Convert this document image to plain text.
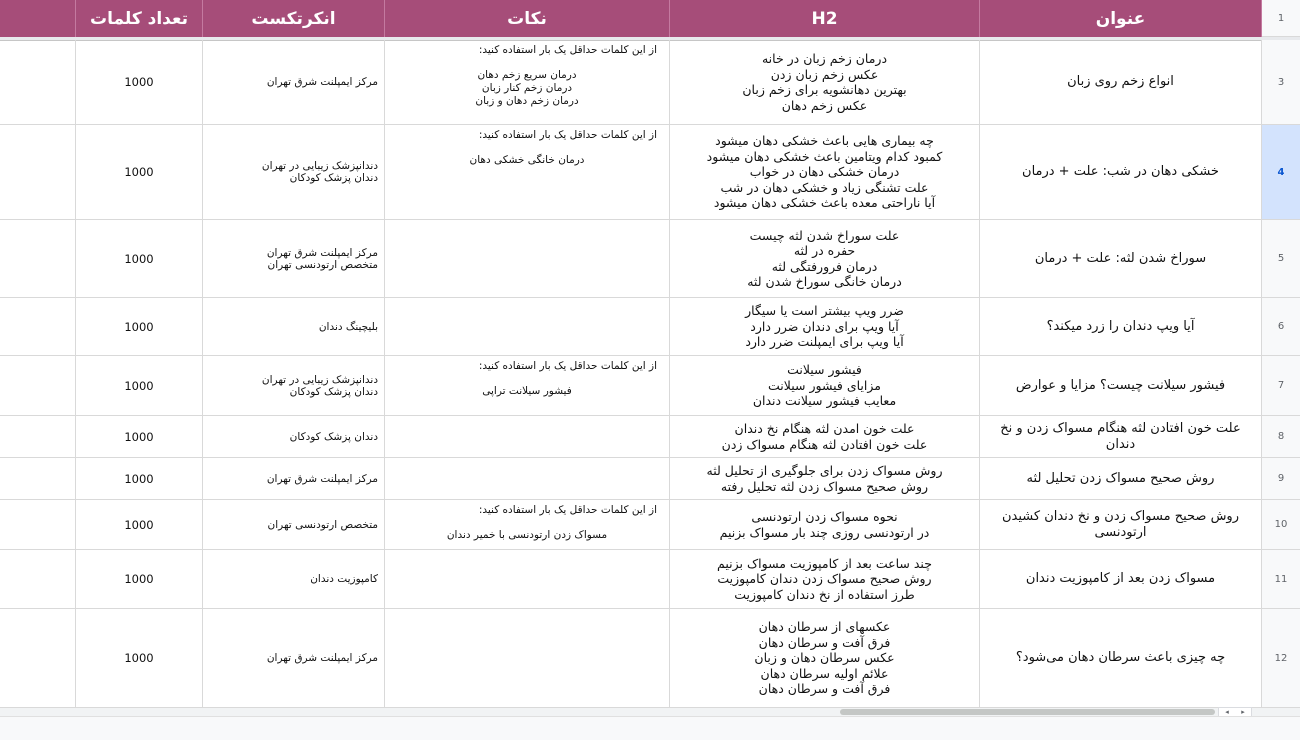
عنوان
H2
نکات
انکرتکست
تعداد کلمات	1
3
انواع زخم روی زبان
درمان زخم زبان در خانه
عکس زخم زبان زدن
بهترین دهانشویه برای زخم زبان
عکس زخم دهان
از این کلمات حداقل یک بار استفاده کنید:
درمان سریع زخم دهان
درمان زخم کنار زبان
درمان زخم دهان و زبان
مرکز ایمپلنت شرق تهران
1000
4
خشکی دهان در شب: علت + درمان
چه بیماری هایی باعث خشکی دهان میشود
کمبود کدام ویتامین باعث خشکی دهان میشود
درمان خشکی دهان در خواب
علت تشنگی زیاد و خشکی دهان در شب
آیا ناراحتی معده باعث خشکی دهان میشود
از این کلمات حداقل یک بار استفاده کنید:
درمان خانگی خشکی دهان
دندانپزشک زیبایی در تهران
دندان پزشک کودکان
1000
5
سوراخ شدن لثه: علت + درمان
علت سوراخ شدن لثه چیست
حفره در لثه
درمان فرورفتگی لثه
درمان خانگی سوراخ شدن لثه
مرکز ایمپلنت شرق تهران
متخصص ارتودنسی تهران
1000
6
آیا ویپ دندان را زرد میکند؟
ضرر ویپ بیشتر است یا سیگار
آیا ویپ برای دندان ضرر دارد
آیا ویپ برای ایمپلنت ضرر دارد
بلیچینگ دندان
1000
7
فیشور سیلانت چیست؟ مزایا و عوارض
فیشور سیلانت
مزایای فیشور سیلانت
معایب فیشور سیلانت دندان
از این کلمات حداقل یک بار استفاده کنید:
فیشور سیلانت تراپی
دندانپزشک زیبایی در تهران
دندان پزشک کودکان
1000
8
علت خون افتادن لثه هنگام مسواک زدن و نخ دندان
علت خون امدن لثه هنگام نخ دندان
علت خون افتادن لثه هنگام مسواک زدن
دندان پزشک کودکان
1000
9
روش صحیح مسواک زدن تحلیل لثه
روش مسواک زدن برای جلوگیری از تحلیل لثه
روش صحیح مسواک زدن لثه تحلیل رفته
مرکز ایمپلنت شرق تهران
1000
10
روش صحیح مسواک زدن و نخ دندان کشیدن ارتودنسی
نحوه مسواک زدن ارتودنسی
در ارتودنسی روزی چند بار مسواک بزنیم
از این کلمات حداقل یک بار استفاده کنید:
مسواک زدن ارتودنسی با خمیر دندان
متخصص ارتودنسی تهران
1000
11
مسواک زدن بعد از کامپوزیت دندان
چند ساعت بعد از کامپوزیت مسواک بزنیم
روش صحیح مسواک زدن دندان کامپوزیت
طرز استفاده از نخ دندان کامپوزیت
کامپوزیت دندان
1000
12
چه چیزی باعث سرطان دهان می‌شود؟
عکسهای از سرطان دهان
فرق آفت و سرطان دهان
عکس سرطان دهان و زبان
علائم اولیه سرطان دهان
فرق آفت و سرطان دهان
مرکز ایمپلنت شرق تهران
1000
◂	▸
